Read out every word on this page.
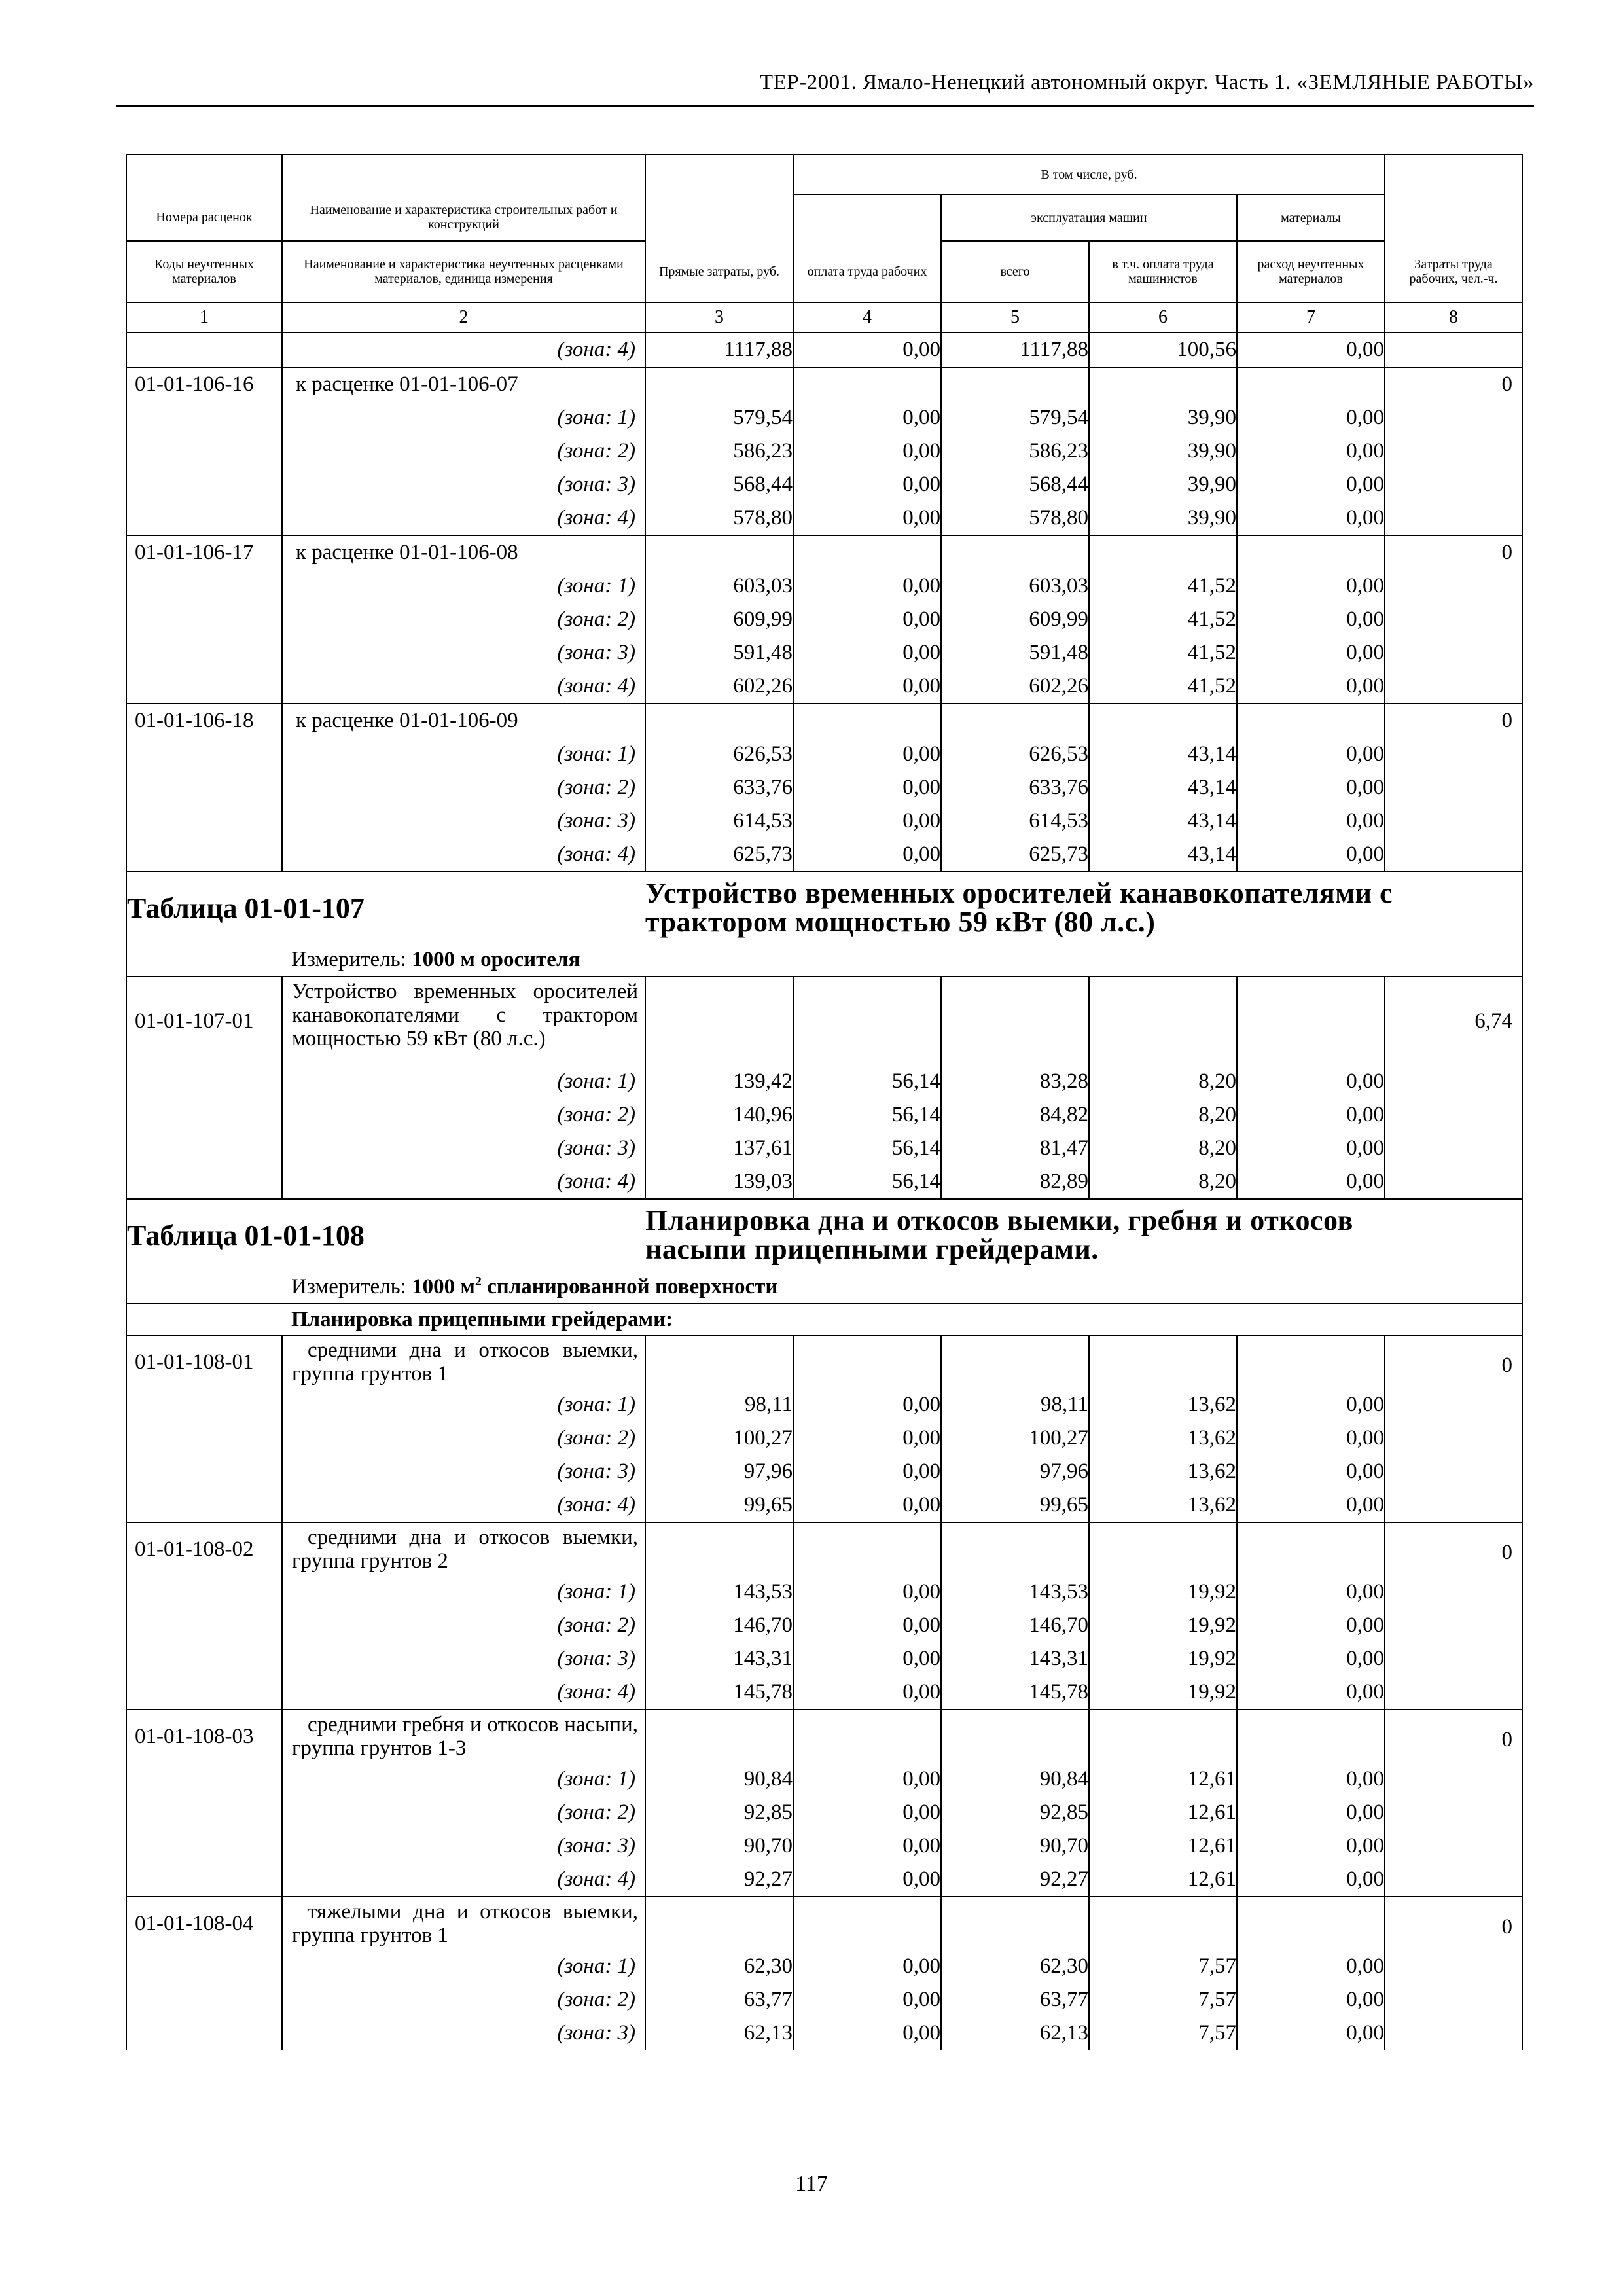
ТЕР-2001. Ямало-Ненецкий автономный округ. Часть 1. «ЗЕМЛЯНЫЕ РАБОТЫ»
			В том числе, руб.				
Номера расценок	Наименование и характеристика строительных работ и конструкций			эксплуатация машин		материалы	
Коды неучтенных материалов	Наименование и характеристика неучтенных расценками материалов, единица измерения	Прямые затраты, руб.	оплата труда рабочих	всего	в т.ч. оплата труда машинистов	расход неучтенных материалов	Затраты труда рабочих, чел.-ч.
1	2	3	4	5	6	7	8
	(зона: 4)	1117,88	0,00	1117,88	100,56	0,00	
01-01-106-16	к расценке 01-01-106-07						0
	(зона: 1)	579,54	0,00	579,54	39,90	0,00	
	(зона: 2)	586,23	0,00	586,23	39,90	0,00	
	(зона: 3)	568,44	0,00	568,44	39,90	0,00	
	(зона: 4)	578,80	0,00	578,80	39,90	0,00	
01-01-106-17	к расценке 01-01-106-08						0
	(зона: 1)	603,03	0,00	603,03	41,52	0,00	
	(зона: 2)	609,99	0,00	609,99	41,52	0,00	
	(зона: 3)	591,48	0,00	591,48	41,52	0,00	
	(зона: 4)	602,26	0,00	602,26	41,52	0,00	
01-01-106-18	к расценке 01-01-106-09						0
	(зона: 1)	626,53	0,00	626,53	43,14	0,00	
	(зона: 2)	633,76	0,00	633,76	43,14	0,00	
	(зона: 3)	614,53	0,00	614,53	43,14	0,00	
	(зона: 4)	625,73	0,00	625,73	43,14	0,00	
Таблица 01-01-107		Устройство временных оросителей канавокопателями с трактором мощностью 59 кВт (80 л.с.)					
	Измеритель: 1000 м оросителя						
01-01-107-01	Устройство временных оросителей канавокопателями с трактором мощностью 59 кВт (80 л.с.)						6,74
	(зона: 1)	139,42	56,14	83,28	8,20	0,00	
	(зона: 2)	140,96	56,14	84,82	8,20	0,00	
	(зона: 3)	137,61	56,14	81,47	8,20	0,00	
	(зона: 4)	139,03	56,14	82,89	8,20	0,00	
Таблица 01-01-108		Планировка дна и откосов выемки, гребня и откосов насыпи прицепными грейдерами.					
	Измеритель: 1000 $м^2$ спланированной поверхности						
	Планировка прицепными грейдерами:						
01-01-108-01	средними дна и откосов выемки, группа грунтов 1						0
	(зона: 1)	98,11	0,00	98,11	13,62	0,00	
	(зона: 2)	100,27	0,00	100,27	13,62	0,00	
	(зона: 3)	97,96	0,00	97,96	13,62	0,00	
	(зона: 4)	99,65	0,00	99,65	13,62	0,00	
01-01-108-02	средними дна и откосов выемки, группа грунтов 2						0
	(зона: 1)	143,53	0,00	143,53	19,92	0,00	
	(зона: 2)	146,70	0,00	146,70	19,92	0,00	
	(зона: 3)	143,31	0,00	143,31	19,92	0,00	
	(зона: 4)	145,78	0,00	145,78	19,92	0,00	
01-01-108-03	средними гребня и откосов насыпи, группа грунтов 1-3						0
	(зона: 1)	90,84	0,00	90,84	12,61	0,00	
	(зона: 2)	92,85	0,00	92,85	12,61	0,00	
	(зона: 3)	90,70	0,00	90,70	12,61	0,00	
	(зона: 4)	92,27	0,00	92,27	12,61	0,00	
01-01-108-04	тяжелыми дна и откосов выемки, группа грунтов 1						0
	(зона: 1)	62,30	0,00	62,30	7,57	0,00	
	(зона: 2)	63,77	0,00	63,77	7,57	0,00	
	(зона: 3)	62,13	0,00	62,13	7,57	0,00	
117
